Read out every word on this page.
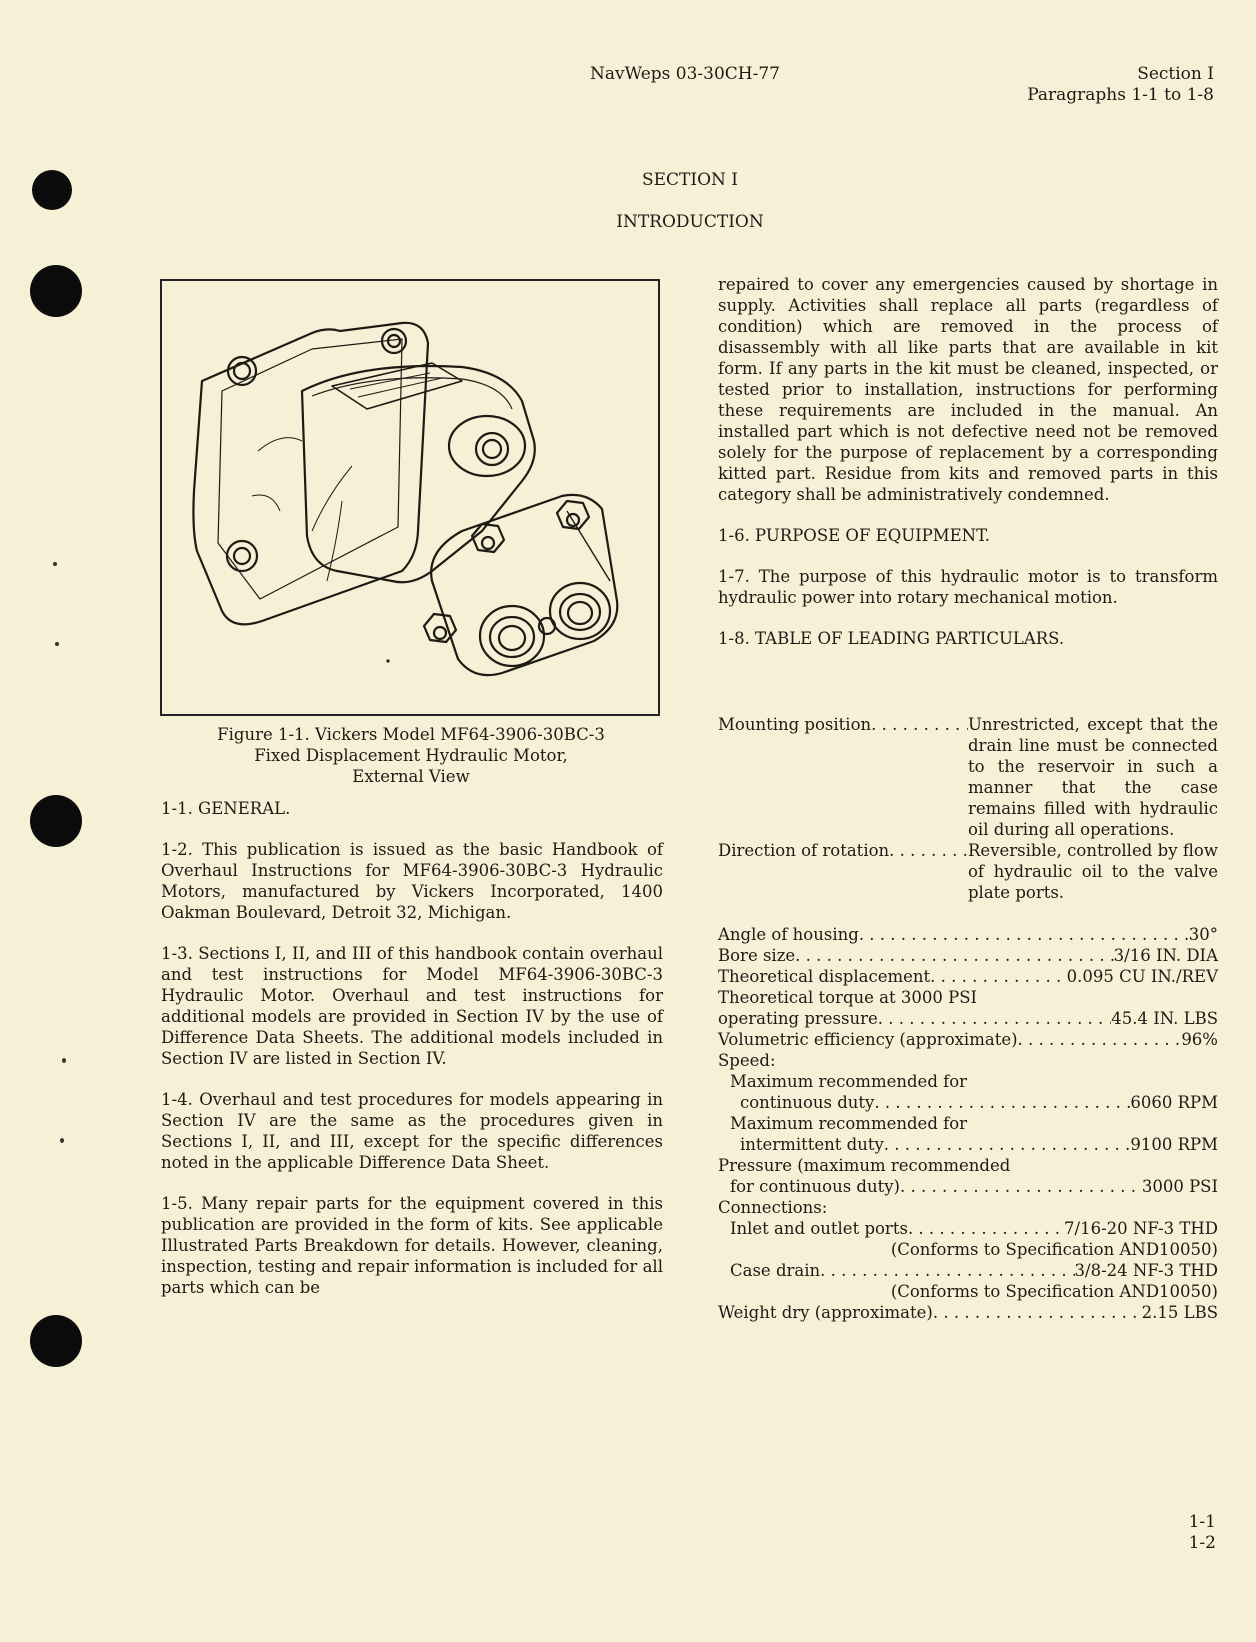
NavWeps 03-30CH-77	Section I
Paragraphs 1-1 to 1-8
SECTION I
INTRODUCTION
Figure 1-1. Vickers Model MF64-3906-30BC-3
Fixed Displacement Hydraulic Motor,
External View
1-1. GENERAL.

1-2. This publication is issued as the basic Handbook of Overhaul Instructions for MF64-3906-30BC-3 Hydraulic Motors, manufactured by Vickers Incorporated, 1400 Oakman Boulevard, Detroit 32, Michigan.

1-3. Sections I, II, and III of this handbook contain overhaul and test instructions for Model MF64-3906-30BC-3 Hydraulic Motor. Overhaul and test instructions for additional models are provided in Section IV by the use of Difference Data Sheets. The additional models included in Section IV are listed in Section IV.

1-4. Overhaul and test procedures for models appearing in Section IV are the same as the procedures given in Sections I, II, and III, except for the specific differences noted in the applicable Difference Data Sheet.

1-5. Many repair parts for the equipment covered in this publication are provided in the form of kits. See applicable Illustrated Parts Breakdown for details. However, cleaning, inspection, testing and repair information is included for all parts which can be

repaired to cover any emergencies caused by shortage in supply. Activities shall replace all parts (regardless of condition) which are removed in the process of disassembly with all like parts that are available in kit form. If any parts in the kit must be cleaned, inspected, or tested prior to installation, instructions for performing these requirements are included in the manual. An installed part which is not defective need not be removed solely for the purpose of replacement by a corresponding kitted part. Residue from kits and removed parts in this category shall be administratively condemned.

1-6. PURPOSE OF EQUIPMENT.

1-7. The purpose of this hydraulic motor is to transform hydraulic power into rotary mechanical motion.

1-8. TABLE OF LEADING PARTICULARS.
Mounting position . . .	Unrestricted, except that the drain line must be connected to the reservoir in such a manner that the case remains filled with hydraulic oil during all operations.
Direction of rotation . . .	Reversible, controlled by flow of hydraulic oil to the valve plate ports.
Angle of housing . . .	30°
Bore size . . .	3/16 IN. DIA
Theoretical displacement . . .	0.095 CU IN./REV
Theoretical torque at 3000 PSI
operating pressure . . .	45.4 IN. LBS
Volumetric efficiency (approximate) . . .	96%
Speed:
Maximum recommended for
continuous duty . . .	6060 RPM
Maximum recommended for
intermittent duty . . .	9100 RPM
Pressure (maximum recommended
for continuous duty) . . .	3000 PSI
Connections:
Inlet and outlet ports . . .	7/16-20 NF-3 THD
(Conforms to Specification AND10050)
Case drain . . .	3/8-24 NF-3 THD
(Conforms to Specification AND10050)
Weight dry (approximate) . . .	2.15 LBS
1-1
1-2
